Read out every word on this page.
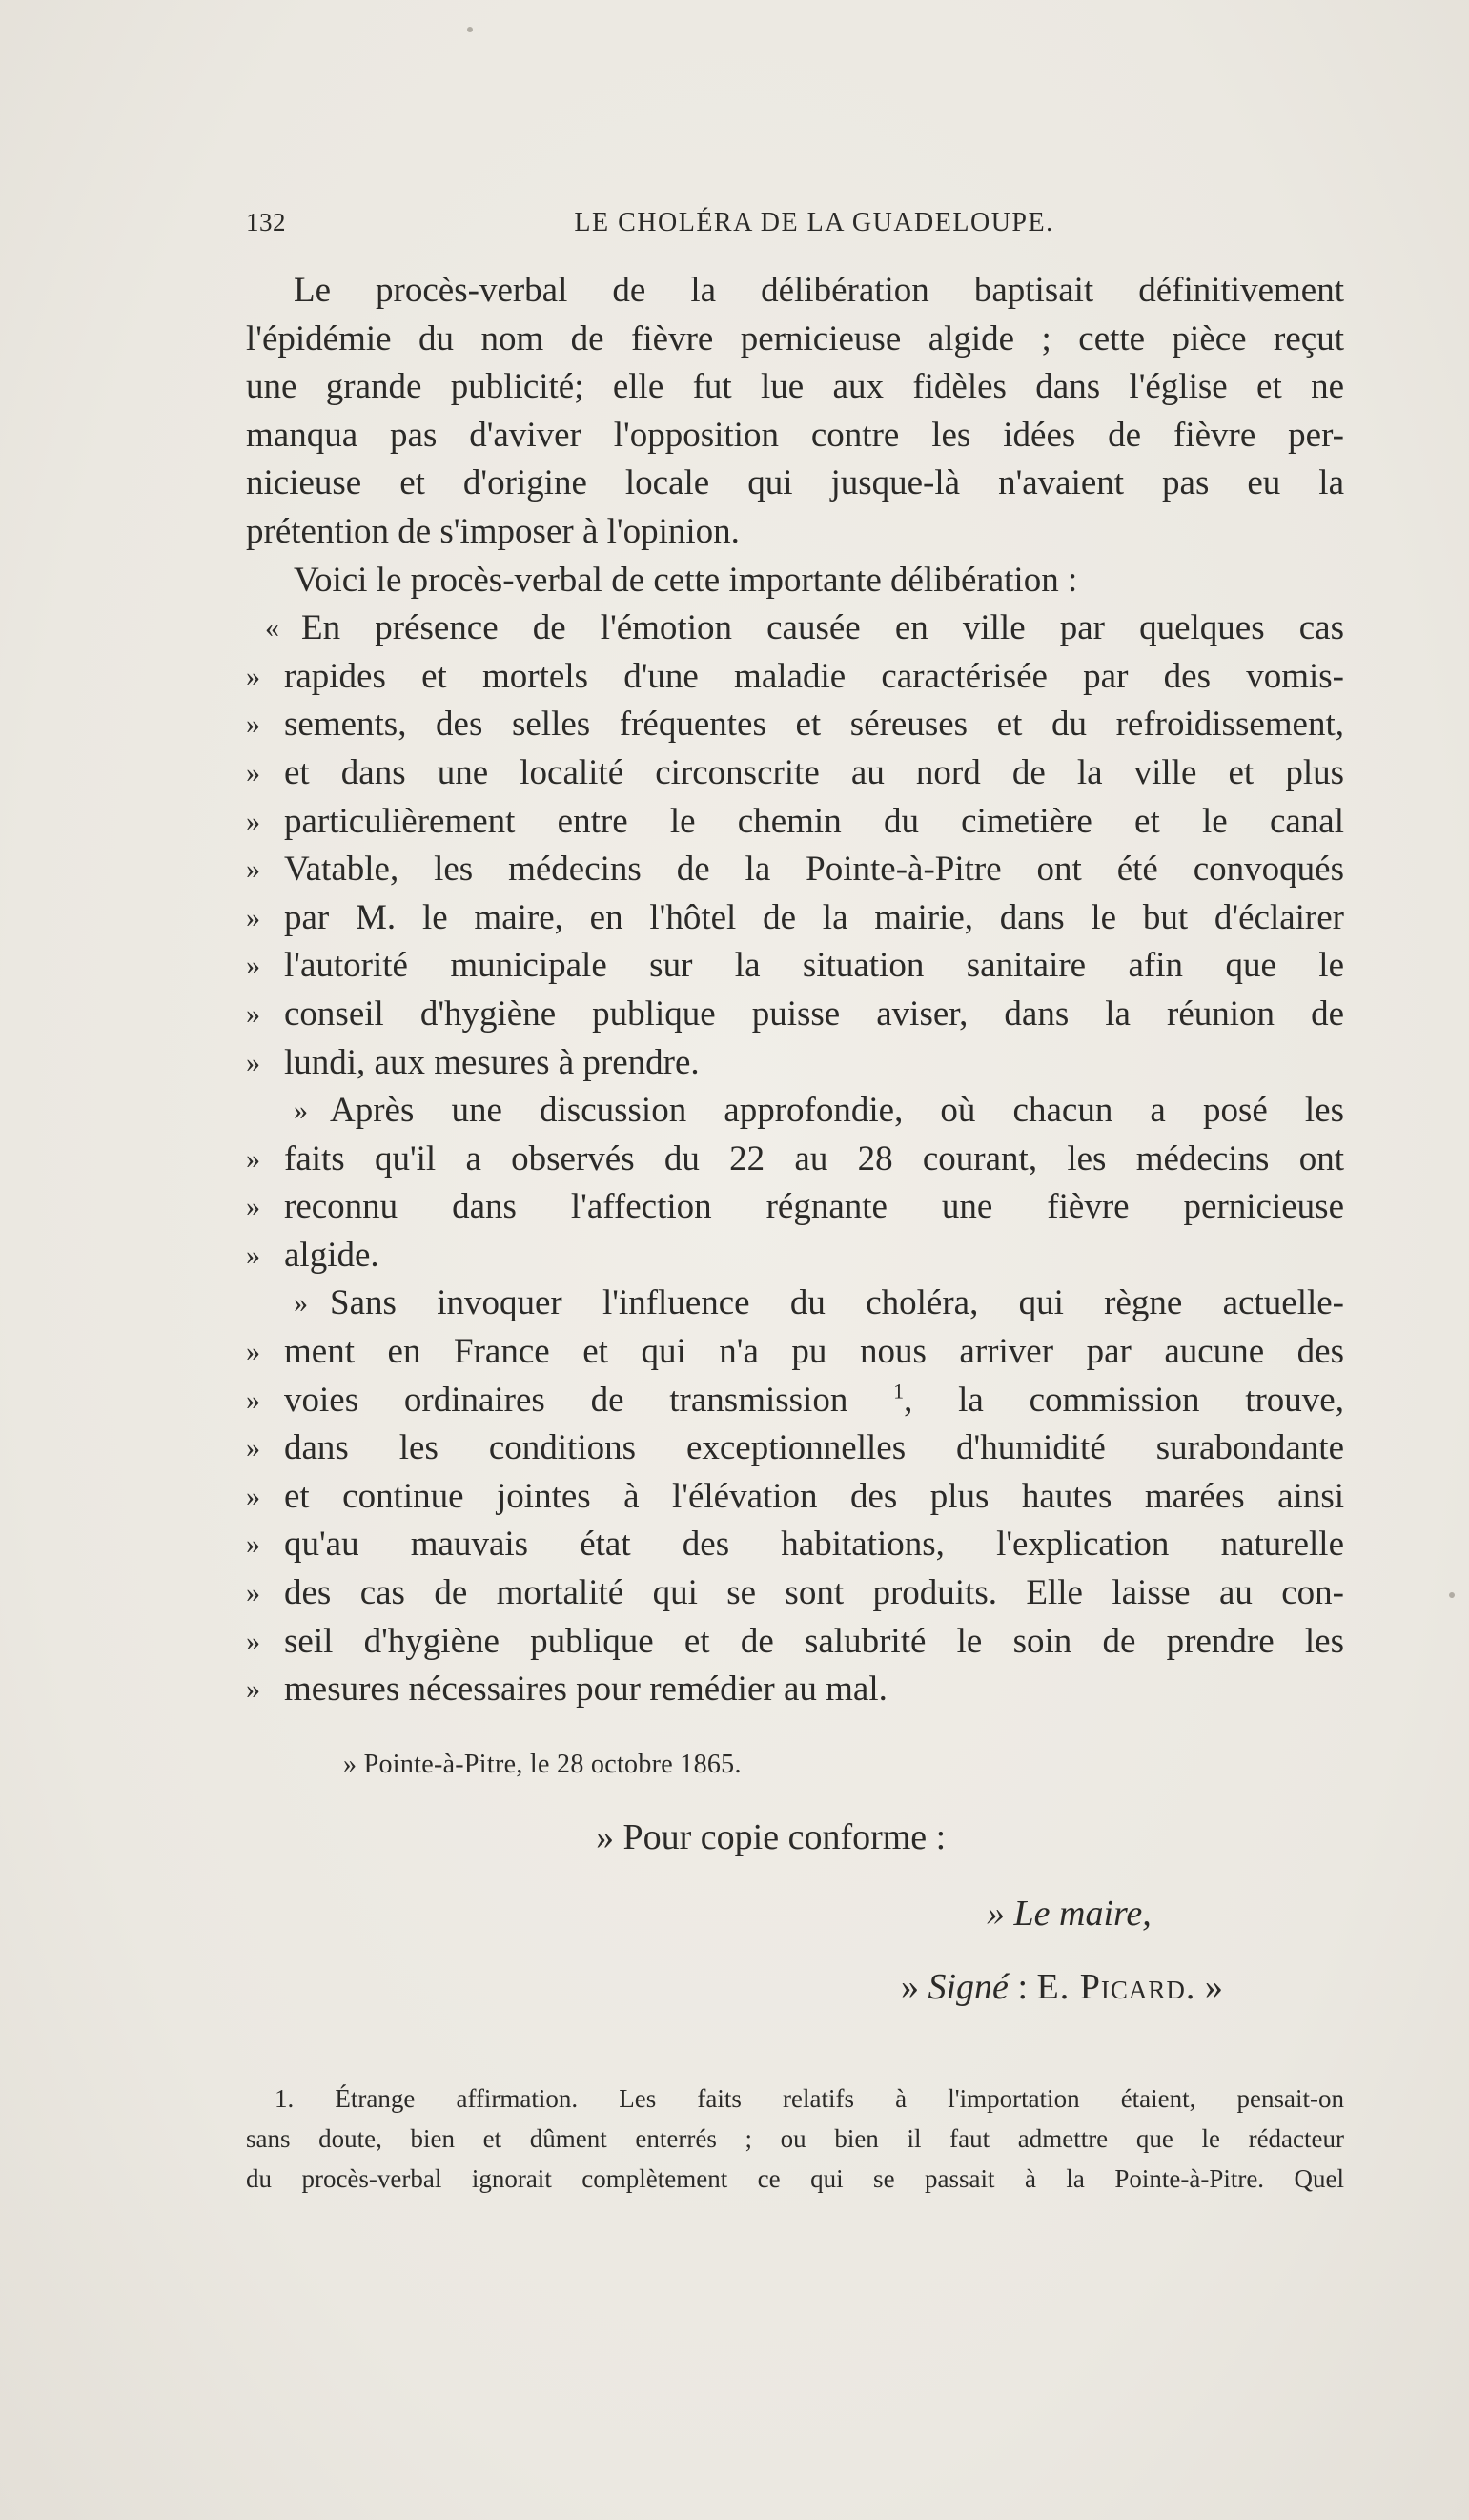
132	LE CHOLÉRA DE LA GUADELOUPE.
Le procès-verbal de la délibération baptisait définitivement
l'épidémie du nom de fièvre pernicieuse algide ; cette pièce reçut
une grande publicité; elle fut lue aux fidèles dans l'église et ne
manqua pas d'aviver l'opposition contre les idées de fièvre per-
nicieuse et d'origine locale qui jusque-là n'avaient pas eu la
prétention de s'imposer à l'opinion.
Voici le procès-verbal de cette importante délibération :
« En présence de l'émotion causée en ville par quelques cas
» rapides et mortels d'une maladie caractérisée par des vomis-
» sements, des selles fréquentes et séreuses et du refroidissement,
» et dans une localité circonscrite au nord de la ville et plus
» particulièrement entre le chemin du cimetière et le canal
» Vatable, les médecins de la Pointe-à-Pitre ont été convoqués
» par M. le maire, en l'hôtel de la mairie, dans le but d'éclairer
» l'autorité municipale sur la situation sanitaire afin que le
» conseil d'hygiène publique puisse aviser, dans la réunion de
» lundi, aux mesures à prendre.
» Après une discussion approfondie, où chacun a posé les
» faits qu'il a observés du 22 au 28 courant, les médecins ont
» reconnu dans l'affection régnante une fièvre pernicieuse
» algide.
» Sans invoquer l'influence du choléra, qui règne actuelle-
» ment en France et qui n'a pu nous arriver par aucune des
» voies ordinaires de transmission $^1$, la commission trouve,
» dans les conditions exceptionnelles d'humidité surabondante
» et continue jointes à l'élévation des plus hautes marées ainsi
» qu'au mauvais état des habitations, l'explication naturelle
» des cas de mortalité qui se sont produits. Elle laisse au con-
» seil d'hygiène publique et de salubrité le soin de prendre les
» mesures nécessaires pour remédier au mal.
» Pointe-à-Pitre, le 28 octobre 1865.
» Pour copie conforme :
» Le maire,
» Signé : E. Picard. »
1. Étrange affirmation. Les faits relatifs à l'importation étaient, pensait-on
sans doute, bien et dûment enterrés ; ou bien il faut admettre que le rédacteur
du procès-verbal ignorait complètement ce qui se passait à la Pointe-à-Pitre. Quel
